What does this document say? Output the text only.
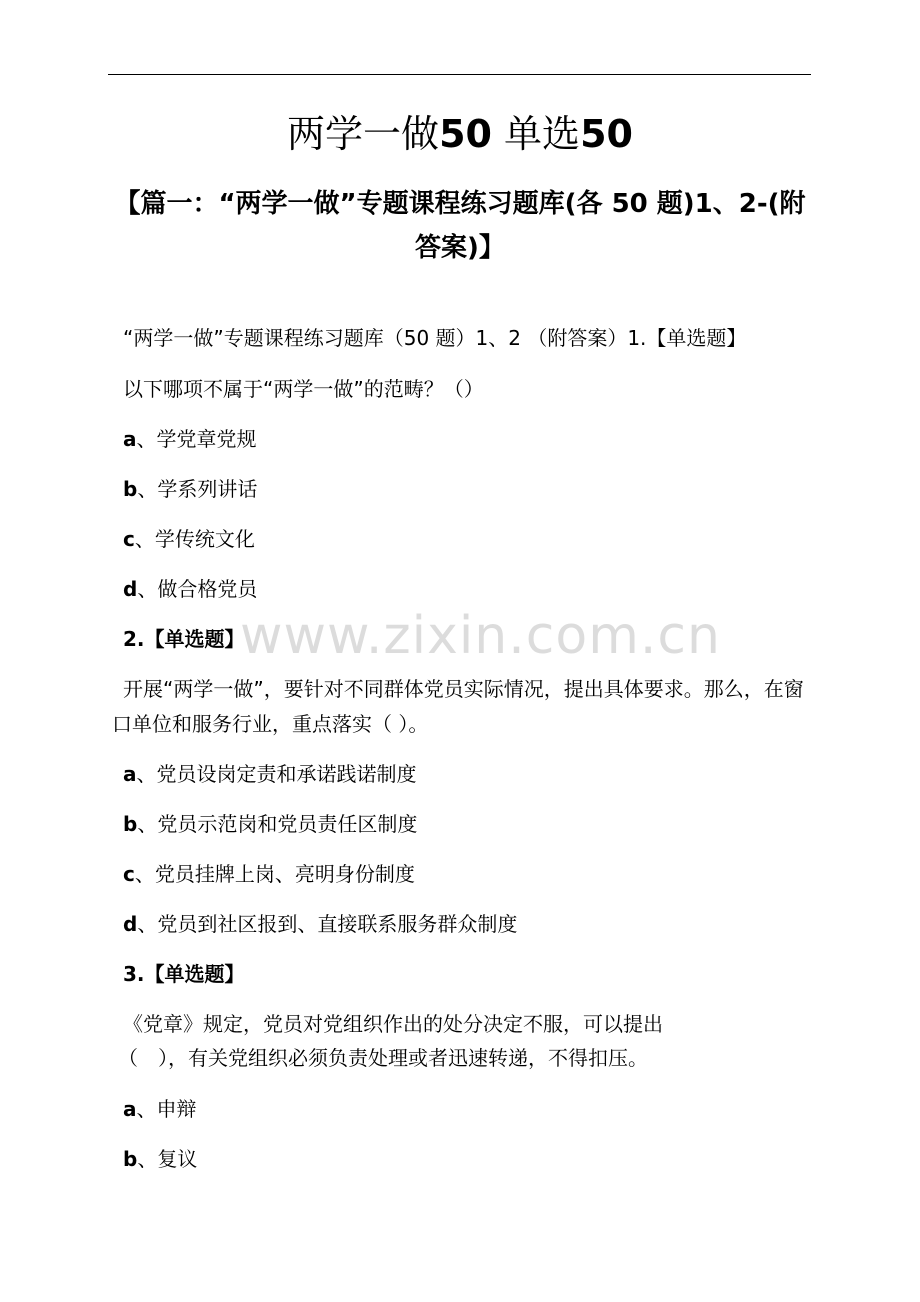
两学一做50 单选50
【篇一：“两学一做”专题课程练习题库(各 50 题)1、2-(附答案)】

“两学一做”专题课程练习题库（50 题）1、2 （附答案）1.【单选题】

以下哪项不属于“两学一做”的范畴？（）

a、学党章党规

b、学系列讲话

c、学传统文化

d、做合格党员

www.zixin.com.cn

2.【单选题】

开展“两学一做”，要针对不同群体党员实际情况，提出具体要求。那么，在窗口单位和服务行业，重点落实（ ）。

a、党员设岗定责和承诺践诺制度

b、党员示范岗和党员责任区制度

c、党员挂牌上岗、亮明身份制度

d、党员到社区报到、直接联系服务群众制度

3.【单选题】

《党章》规定，党员对党组织作出的处分决定不服，可以提出

（　），有关党组织必须负责处理或者迅速转递，不得扣压。

a、申辩

b、复议
